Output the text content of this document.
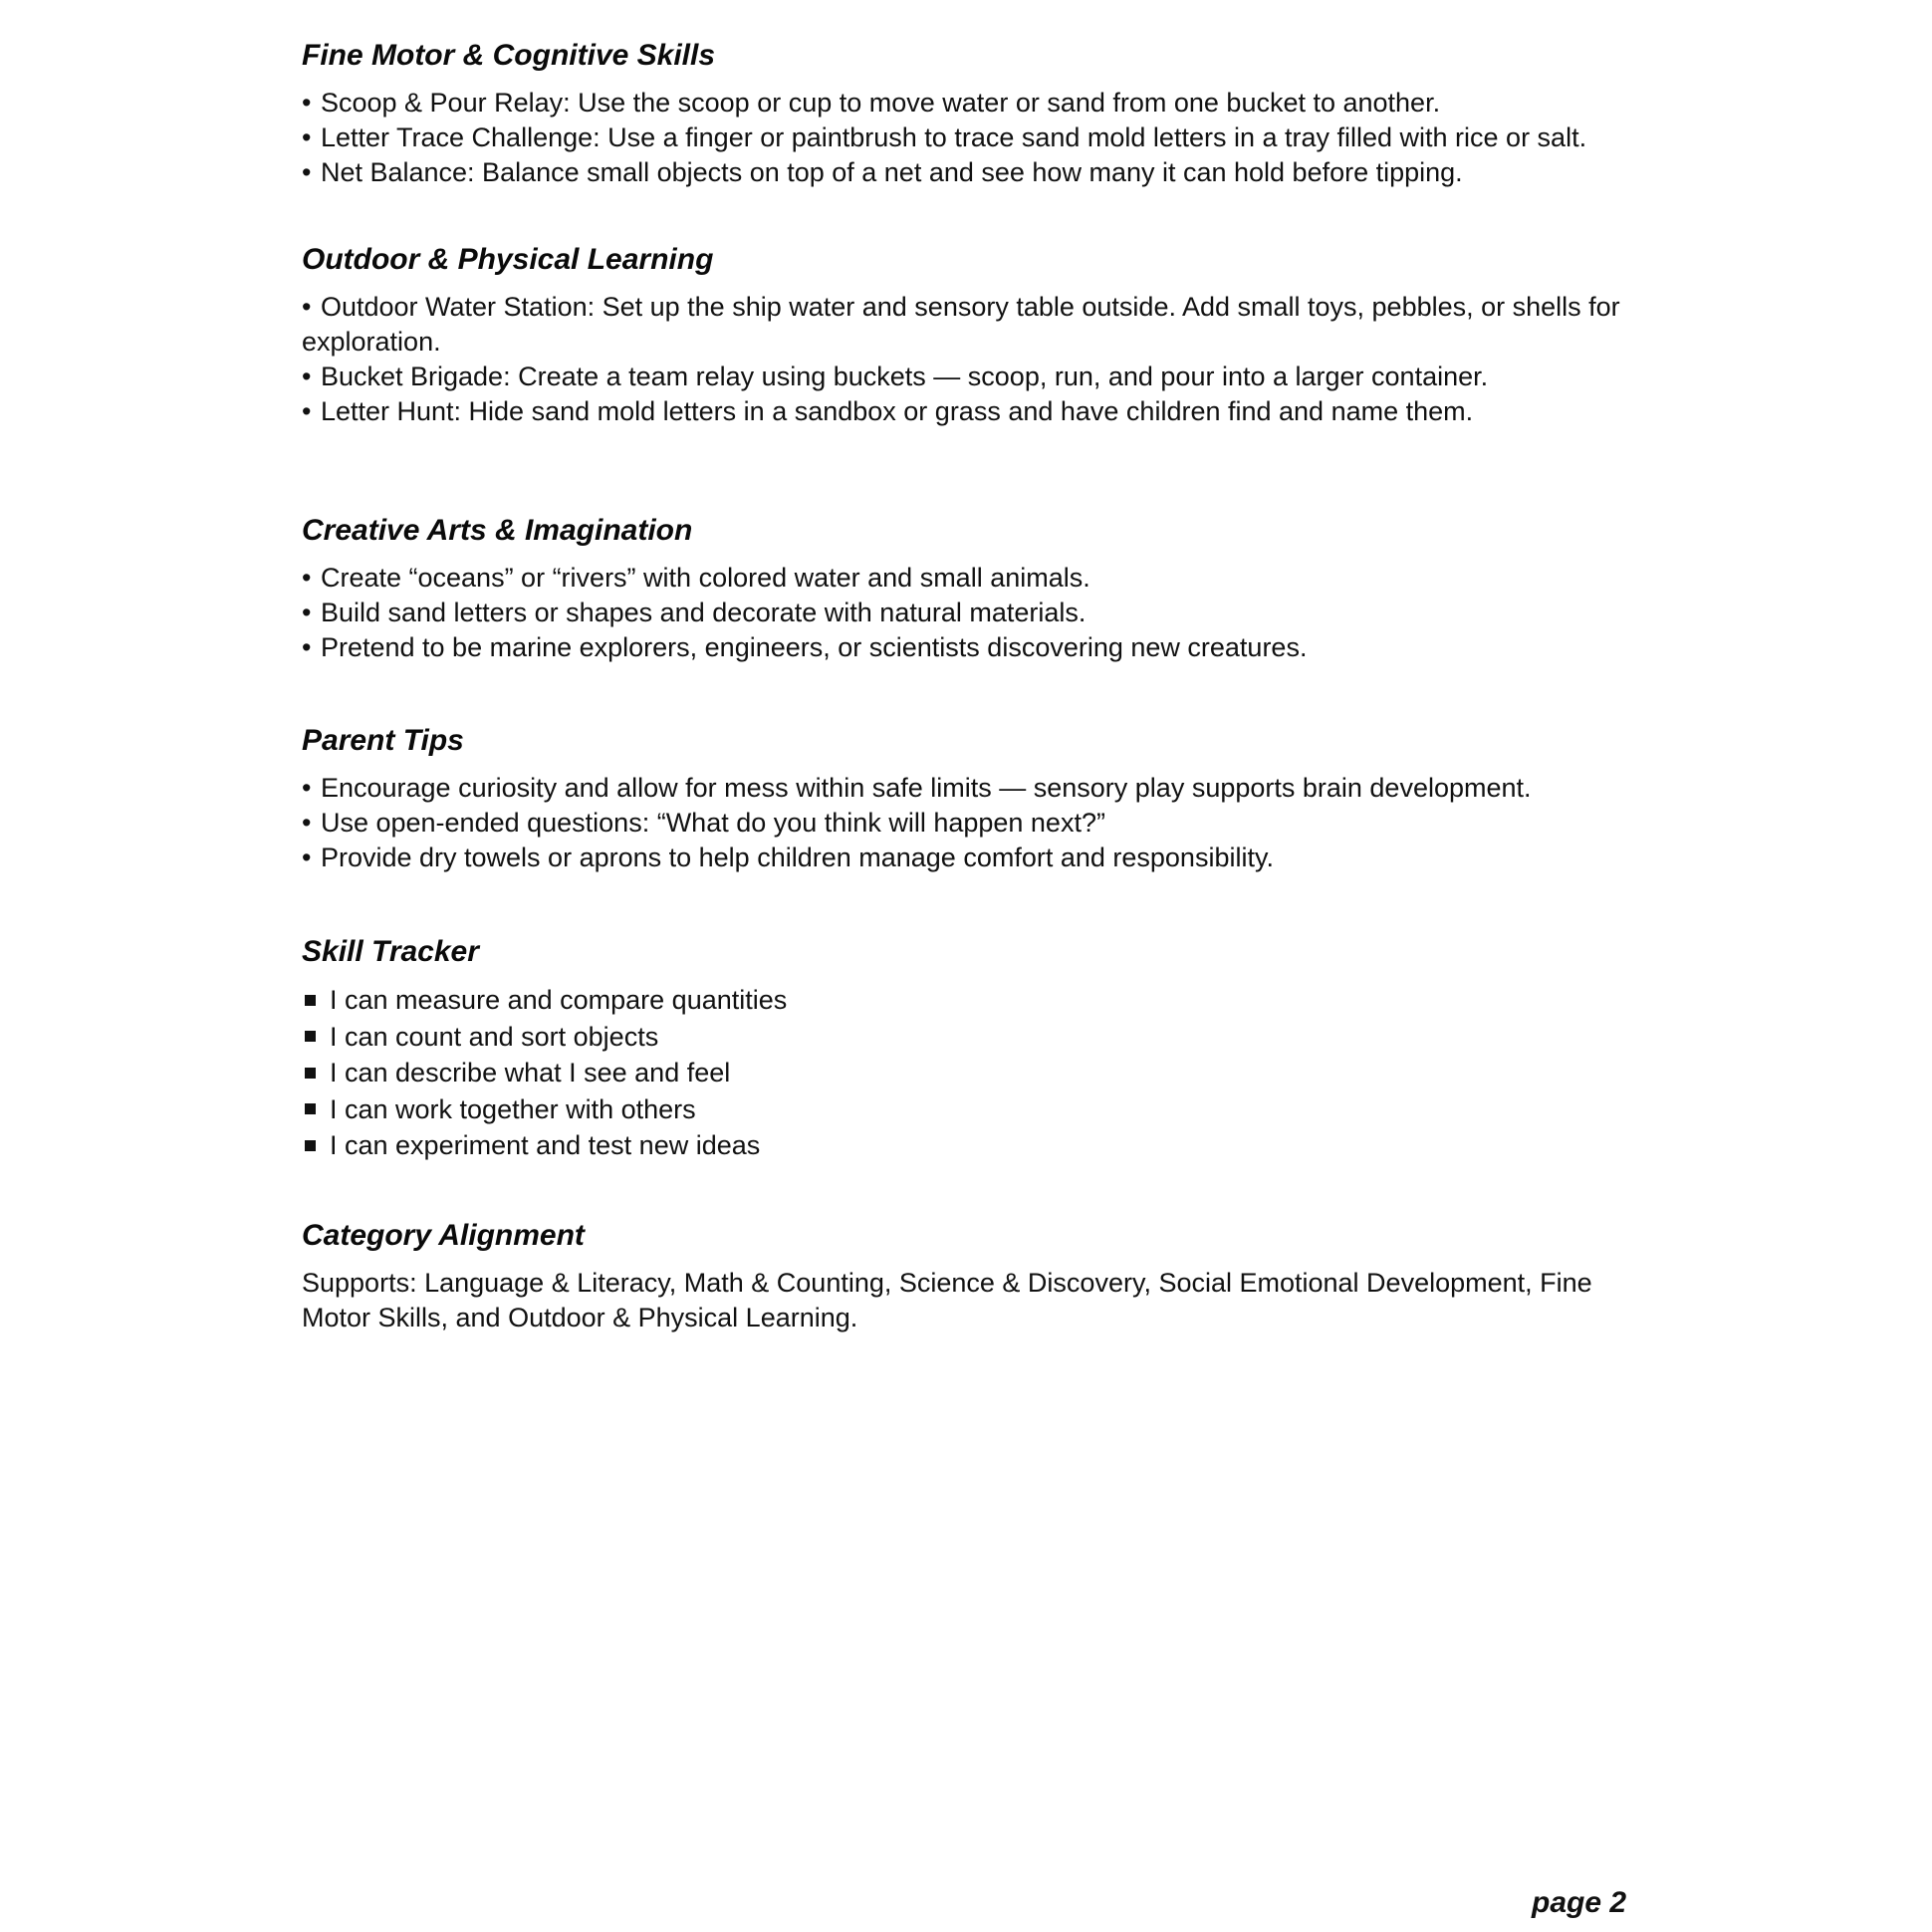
Fine Motor & Cognitive Skills
• Scoop & Pour Relay: Use the scoop or cup to move water or sand from one bucket to another.
• Letter Trace Challenge: Use a finger or paintbrush to trace sand mold letters in a tray filled with rice or salt.
• Net Balance: Balance small objects on top of a net and see how many it can hold before tipping.
Outdoor & Physical Learning
• Outdoor Water Station: Set up the ship water and sensory table outside. Add small toys, pebbles, or shells for exploration.
• Bucket Brigade: Create a team relay using buckets — scoop, run, and pour into a larger container.
• Letter Hunt: Hide sand mold letters in a sandbox or grass and have children find and name them.
Creative Arts & Imagination
• Create “oceans” or “rivers” with colored water and small animals.
• Build sand letters or shapes and decorate with natural materials.
• Pretend to be marine explorers, engineers, or scientists discovering new creatures.
Parent Tips
• Encourage curiosity and allow for mess within safe limits — sensory play supports brain development.
• Use open-ended questions: “What do you think will happen next?”
• Provide dry towels or aprons to help children manage comfort and responsibility.
Skill Tracker
I can measure and compare quantities
I can count and sort objects
I can describe what I see and feel
I can work together with others
I can experiment and test new ideas
Category Alignment

Supports: Language & Literacy, Math & Counting, Science & Discovery, Social Emotional Development, Fine Motor Skills, and Outdoor & Physical Learning.

page 2
